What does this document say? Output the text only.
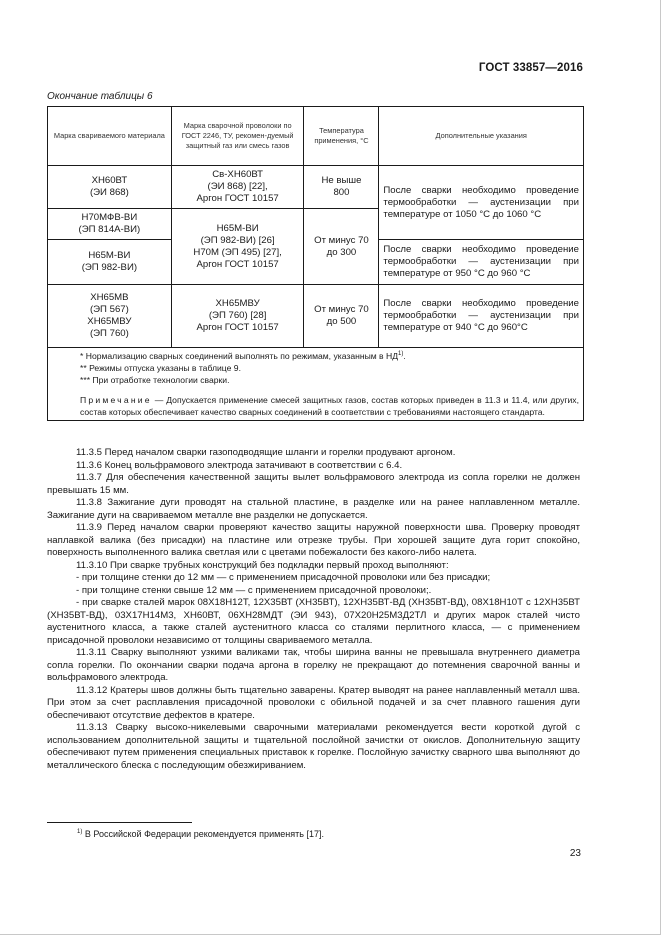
ГОСТ 33857—2016
Окончание таблицы 6
Марка свариваемого материала	Марка сварочной проволоки по ГОСТ 2246, ТУ, рекомен-дуемый защитный газ или смесь газов	Температура применения, °С	Дополнительные указания
ХН60ВТ
(ЭИ 868)	Св-ХН60ВТ
(ЭИ 868) [22],
Аргон ГОСТ 10157	Не выше
800	После сварки необходимо проведение термообработки — аустенизации при температуре от 1050 °С до 1060 °С
Н70МФВ-ВИ
(ЭП 814А-ВИ)	Н65М-ВИ
(ЭП 982-ВИ) [26]
Н70М (ЭП 495) [27],
Аргон ГОСТ 10157	От минус 70
до 300	
Н65М-ВИ
(ЭП 982-ВИ)			После сварки необходимо проведение термообработки — аустенизации при температуре от 950 °С до 960 °С
ХН65МВ
(ЭП 567)
ХН65МВУ
(ЭП 760)	ХН65МВУ
(ЭП 760) [28]
Аргон ГОСТ 10157	От минус 70
до 500	После сварки необходимо проведение термообработки — аустенизации при температуре от 940 °С до 960°С

* Нормализацию сварных соединений выполнять по режимам, указанным в НД$^{1)}$.
** Режимы отпуска указаны в таблице 9.
*** При отработке технологии сварки.
Примечание — Допускается применение смесей защитных газов, состав которых приведен в 11.3 и 11.4, или других, состав которых обеспечивает качество сварных соединений в соответствии с требованиями настоящего стандарта.			

11.3.5 Перед началом сварки газоподводящие шланги и горелки продувают аргоном.

11.3.6 Конец вольфрамового электрода затачивают в соответствии с 6.4.

11.3.7 Для обеспечения качественной защиты вылет вольфрамового электрода из сопла горелки не должен превышать 15 мм.

11.3.8 Зажигание дуги проводят на стальной пластине, в разделке или на ранее наплавленном металле. Зажигание дуги на свариваемом металле вне разделки не допускается.

11.3.9 Перед началом сварки проверяют качество защиты наружной поверхности шва. Проверку проводят наплавкой валика (без присадки) на пластине или отрезке трубы. При хорошей защите дуга горит спокойно, поверхность выполненного валика светлая или с цветами побежалости без какого-либо налета.

11.3.10 При сварке трубных конструкций без подкладки первый проход выполняют:

- при толщине стенки до 12 мм — с применением присадочной проволоки или без присадки;

- при толщине стенки свыше 12 мм — с применением присадочной проволоки;.

- при сварке сталей марок 08Х18Н12Т, 12Х35ВТ (ХН35ВТ), 12ХН35ВТ-ВД (ХН35ВТ-ВД), 08Х18Н10Т с 12ХН35ВТ (ХН35ВТ-ВД), 03Х17Н14М3, ХН60ВТ, 06ХН28МДТ (ЭИ 943), 07Х20Н25М3Д2ТЛ и других марок сталей чисто аустенитного класса, а также сталей аустенитного класса со сталями перлитного класса, — с применением присадочной проволоки независимо от толщины свариваемого металла.

11.3.11 Сварку выполняют узкими валиками так, чтобы ширина ванны не превышала внутреннего диаметра сопла горелки. По окончании сварки подача аргона в горелку не прекращают до потемнения сварочной ванны и вольфрамового электрода.

11.3.12 Кратеры швов должны быть тщательно заварены. Кратер выводят на ранее наплавленный металл шва. При этом за счет расплавления присадочной проволоки с обильной подачей и за счет плавного гашения дуги обеспечивают отсутствие дефектов в кратере.

11.3.13 Сварку высоко-никелевыми сварочными материалами рекомендуется вести короткой дугой с использованием дополнительной защиты и тщательной послойной зачистки от окислов. Дополнительную защиту обеспечивают путем применения специальных приставок к горелке. Послойную зачистку сварного шва выполняют до металлического блеска с последующим обезжириванием.

$^{1)}$ В Российской Федерации рекомендуется применять [17].
23
